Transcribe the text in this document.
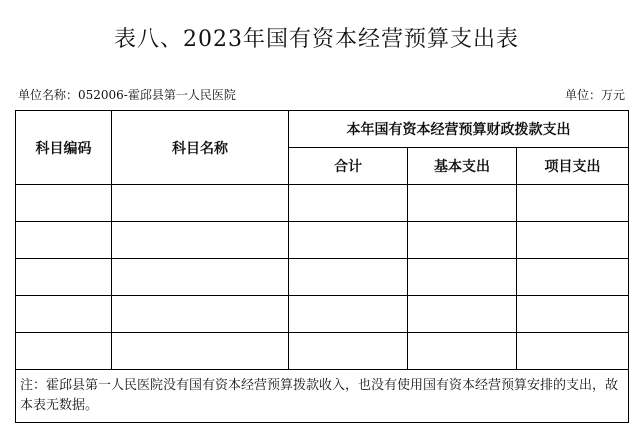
表八、2023年国有资本经营预算支出表
单位名称：052006-霍邱县第一人民医院	单位：万元
科目编码	科目名称	本年国有资本经营预算财政拨款支出		
		合计	基本支出	项目支出

注：霍邱县第一人民医院没有国有资本经营预算拨款收入，也没有使用国有资本经营预算安排的支出，故本表无数据。				
